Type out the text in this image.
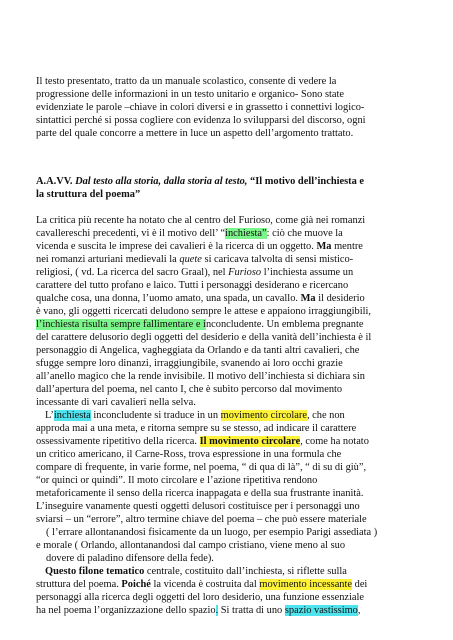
Il testo presentato, tratto da un manuale scolastico, consente di vedere la
progressione delle informazioni in un testo unitario e organico- Sono state
evidenziate le parole –chiave in colori diversi e in grassetto i connettivi logico-
sintattici perché si possa cogliere con evidenza lo svilupparsi del discorso, ogni
parte del quale concorre a mettere in luce un aspetto dell’argomento trattato.
A.A.VV. Dal testo alla storia, dalla storia al testo, “Il motivo dell’inchiesta e
la struttura del poema”
La critica più recente ha notato che al centro del Furioso, come già nei romanzi
cavallereschi precedenti, vi è il motivo dell’ “inchiesta”: ciò che muove la
vicenda e suscita le imprese dei cavalieri è la ricerca di un oggetto. Ma mentre
nei romanzi arturiani medievali la quete si caricava talvolta di sensi mistico-
religiosi, ( vd. La ricerca del sacro Graal), nel Furioso l’inchiesta assume un
carattere del tutto profano e laico. Tutti i personaggi desiderano e ricercano
qualche cosa, una donna, l’uomo amato, una spada, un cavallo. Ma il desiderio
è vano, gli oggetti ricercati deludono sempre le attese e appaiono irraggiungibili,
l’inchiesta risulta sempre fallimentare e inconcludente. Un emblema pregnante
del carattere delusorio degli oggetti del desiderio e della vanità dell’inchiesta è il
personaggio di Angelica, vagheggiata da Orlando e da tanti altri cavalieri, che
sfugge sempre loro dinanzi, irraggiungibile, svanendo ai loro occhi grazie
all’anello magico che la rende invisibile. Il motivo dell’inchiesta si dichiara sin
dall’apertura del poema, nel canto I, che è subito percorso dal movimento
incessante di vari cavalieri nella selva.
L’inchiesta inconcludente si traduce in un movimento circolare, che non
approda mai a una meta, e ritorna sempre su se stesso, ad indicare il carattere
ossessivamente ripetitivo della ricerca. Il movimento circolare, come ha notato
un critico americano, il Carne-Ross, trova espressione in una formula che
compare di frequente, in varie forme, nel poema, “ di qua di là”, “ di su di giù”,
“or quinci or quindi”. Il moto circolare e l’azione ripetitiva rendono
metaforicamente il senso della ricerca inappagata e della sua frustrante inanità.
L’inseguire vanamente questi oggetti delusori costituisce per i personaggi uno
sviarsi – un “errore”, altro termine chiave del poema – che può essere materiale
( l’errare allontanandosi fisicamente da un luogo, per esempio Parigi assediata )
e morale ( Orlando, allontanandosi dal campo cristiano, viene meno al suo
dovere di paladino difensore della fede).
Questo filone tematico centrale, costituito dall’inchiesta, si riflette sulla
struttura del poema. Poiché la vicenda è costruita dal movimento incessante dei
personaggi alla ricerca degli oggetti del loro desiderio, una funzione essenziale
ha nel poema l’organizzazione dello spazio. Si tratta di uno spazio vastissimo,
